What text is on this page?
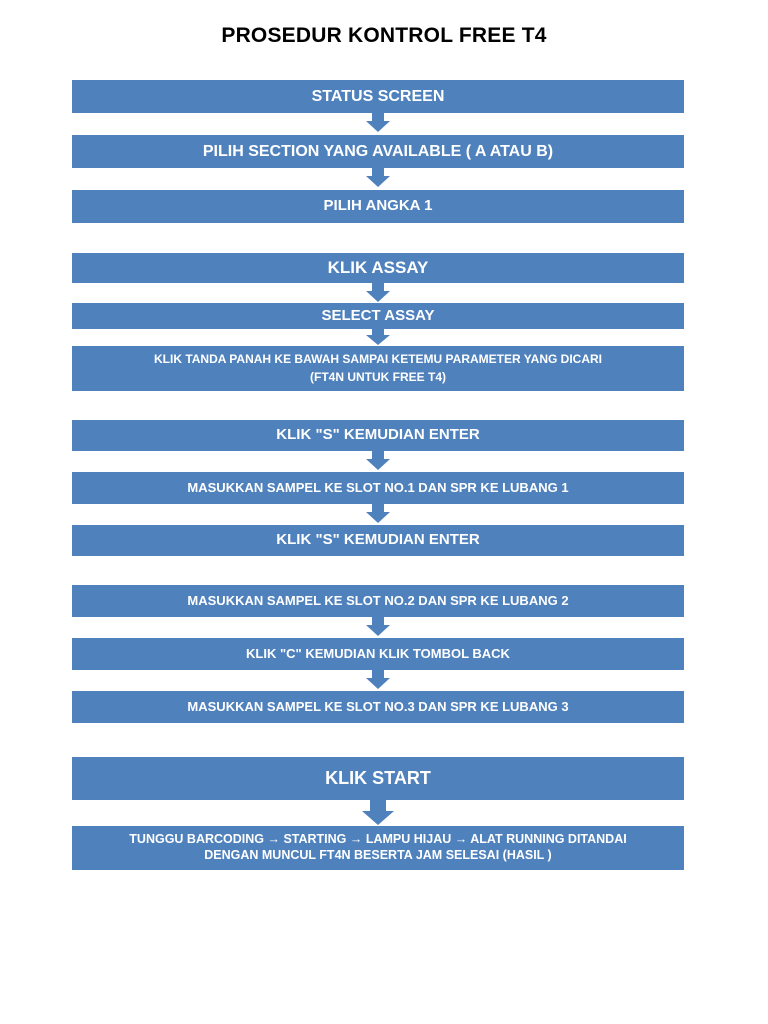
PROSEDUR KONTROL FREE T4
STATUS SCREEN
PILIH SECTION YANG AVAILABLE ( A ATAU B)
PILIH ANGKA 1
KLIK ASSAY
SELECT ASSAY
KLIK TANDA PANAH KE BAWAH SAMPAI KETEMU PARAMETER YANG DICARI
(FT4N UNTUK FREE T4)
KLIK "S" KEMUDIAN ENTER
MASUKKAN SAMPEL KE SLOT NO.1 DAN SPR KE LUBANG 1
KLIK "S" KEMUDIAN ENTER
MASUKKAN SAMPEL KE SLOT NO.2 DAN SPR KE LUBANG 2
KLIK "C" KEMUDIAN KLIK TOMBOL BACK
MASUKKAN SAMPEL KE SLOT NO.3 DAN SPR KE LUBANG 3
KLIK START
TUNGGU BARCODING → STARTING → LAMPU HIJAU → ALAT RUNNING DITANDAI
DENGAN MUNCUL FT4N BESERTA JAM SELESAI (HASIL )
